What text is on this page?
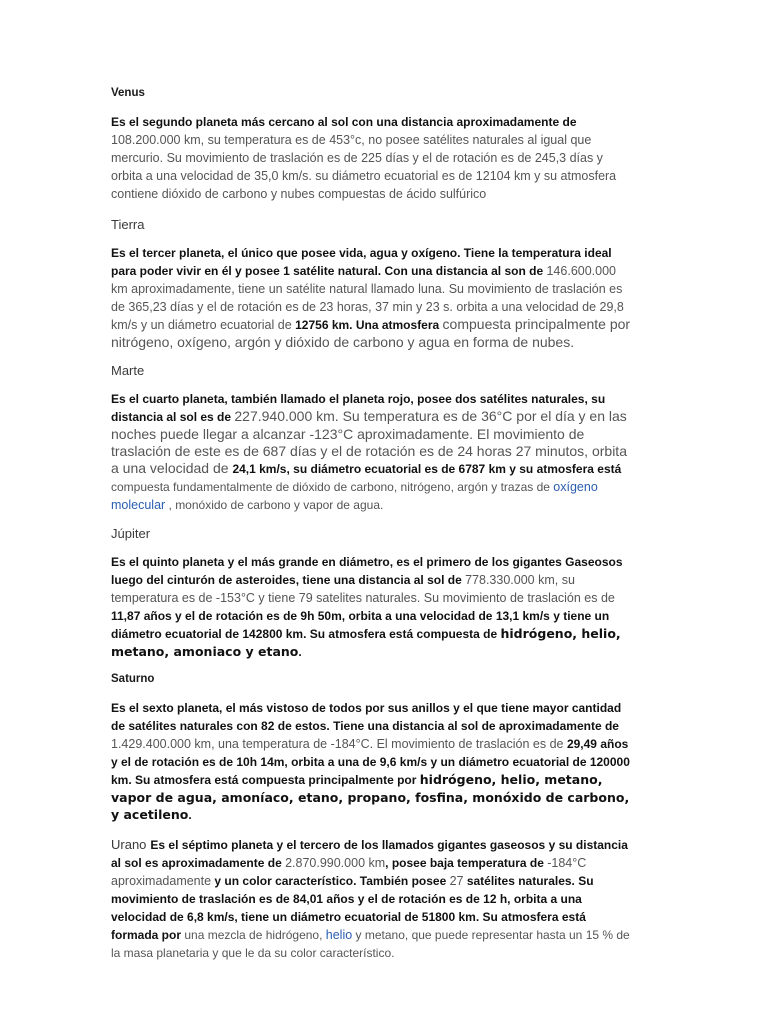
Venus

Es el segundo planeta más cercano al sol con una distancia aproximadamente de 108.200.000 km, su temperatura es de 453°c, no posee satélites naturales al igual que mercurio. Su movimiento de traslación es de 225 días y el de rotación es de 245,3 días y orbita a una velocidad de 35,0 km/s. su diámetro ecuatorial es de 12104 km y su atmosfera contiene dióxido de carbono y nubes compuestas de ácido sulfúrico

Tierra

Es el tercer planeta, el único que posee vida, agua y oxígeno. Tiene la temperatura ideal para poder vivir en él y posee 1 satélite natural. Con una distancia al son de 146.600.000 km aproximadamente, tiene un satélite natural llamado luna. Su movimiento de traslación es de 365,23 días y el de rotación es de 23 horas, 37 min y 23 s. orbita a una velocidad de 29,8 km/s y un diámetro ecuatorial de 12756 km. Una atmosfera compuesta principalmente por nitrógeno, oxígeno, argón y dióxido de carbono y agua en forma de nubes.

Marte

Es el cuarto planeta, también llamado el planeta rojo, posee dos satélites naturales, su distancia al sol es de 227.940.000 km. Su temperatura es de 36°C por el día y en las noches puede llegar a alcanzar -123°C aproximadamente. El movimiento de traslación de este es de 687 días y el de rotación es de 24 horas 27 minutos, orbita a una velocidad de 24,1 km/s, su diámetro ecuatorial es de 6787 km y su atmosfera está compuesta fundamentalmente de dióxido de carbono, nitrógeno, argón y trazas de oxígeno molecular , monóxido de carbono y vapor de agua.

Júpiter

Es el quinto planeta y el más grande en diámetro, es el primero de los gigantes Gaseosos luego del cinturón de asteroides, tiene una distancia al sol de 778.330.000 km, su temperatura es de -153°C y tiene 79 satelites naturales. Su movimiento de traslación es de 11,87 años y el de rotación es de 9h 50m, orbita a una velocidad de 13,1 km/s y tiene un diámetro ecuatorial de 142800 km. Su atmosfera está compuesta de hidrógeno, helio, metano, amoniaco y etano.

Saturno

Es el sexto planeta, el más vistoso de todos por sus anillos y el que tiene mayor cantidad de satélites naturales con 82 de estos. Tiene una distancia al sol de aproximadamente de 1.429.400.000 km, una temperatura de -184°C. El movimiento de traslación es de 29,49 años y el de rotación es de 10h 14m, orbita a una de 9,6 km/s y un diámetro ecuatorial de 120000 km. Su atmosfera está compuesta principalmente por hidrógeno, helio, metano, vapor de agua, amoníaco, etano, propano, fosfina, monóxido de carbono, y acetileno.

Urano Es el séptimo planeta y el tercero de los llamados gigantes gaseosos y su distancia al sol es aproximadamente de 2.870.990.000 km, posee baja temperatura de -184°C aproximadamente y un color característico. También posee 27 satélites naturales. Su movimiento de traslación es de 84,01 años y el de rotación es de 12 h, orbita a una velocidad de 6,8 km/s, tiene un diámetro ecuatorial de 51800 km. Su atmosfera está formada por una mezcla de hidrógeno, helio y metano, que puede representar hasta un 15 % de la masa planetaria y que le da su color característico.
